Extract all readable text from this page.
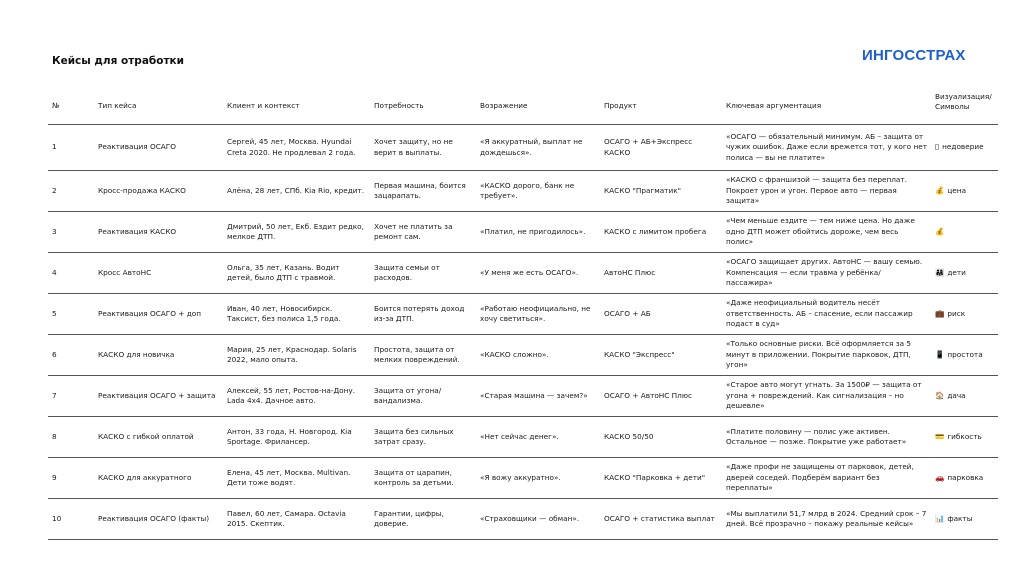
Кейсы для отработки	ИНГОССТРАХ
№	Тип кейса	Клиент и контекст	Потребность	Возражение	Продукт	Ключевая аргументация	Визуализация/Символы
1	Реактивация ОСАГО	Сергей, 45 лет, Москва. Hyundai Creta 2020. Не продлевал 2 года.	Хочет защиту, но не верит в выплаты.	«Я аккуратный, выплат не дождешься».	ОСАГО + АБ+Экспресс КАСКО	«ОСАГО — обязательный минимум. АБ – защита от чужих ошибок. Даже если врежется тот, у кого нет полиса — вы не платите»	▯ недоверие
2	Кросс-продажа КАСКО	Алёна, 28 лет, СПб. Kia Rio, кредит.	Первая машина, боится зацарапать.	«КАСКО дорого, банк не требует».	КАСКО "Прагматик"	«КАСКО с франшизой — защита без переплат. Покроет урон и угон. Первое авто — первая защита»	💰 цена
3	Реактивация КАСКО	Дмитрий, 50 лет, Екб. Ездит редко, мелкое ДТП.	Хочет не платить за ремонт сам.	«Платил, не пригодилось».	КАСКО с лимитом пробега	«Чем меньше ездите — тем ниже цена. Но даже одно ДТП может обойтись дороже, чем весь полис»	💰
4	Кросс АвтоНС	Ольга, 35 лет, Казань. Водит детей, было ДТП с травмой.	Защита семьи от расходов.	«У меня же есть ОСАГО».	АвтоНС Плюс	«ОСАГО защищает других. АвтоНС — вашу семью. Компенсация — если травма у ребёнка/пассажира»	👨‍👩‍👧 дети
5	Реактивация ОСАГО + доп	Иван, 40 лет, Новосибирск. Таксист, без полиса 1,5 года.	Боится потерять доход из-за ДТП.	«Работаю неофициально, не хочу светиться».	ОСАГО + АБ	«Даже неофициальный водитель несёт ответственность. АБ – спасение, если пассажир подаст в суд»	💼 риск
6	КАСКО для новичка	Мария, 25 лет, Краснодар. Solaris 2022, мало опыта.	Простота, защита от мелких повреждений.	«КАСКО сложно».	КАСКО "Экспресс"	«Только основные риски. Всё оформляется за 5 минут в приложении. Покрытие парковок, ДТП, угон»	📱 простота
7	Реактивация ОСАГО + защита	Алексей, 55 лет, Ростов-на-Дону. Lada 4x4. Дачное авто.	Защита от угона/вандализма.	«Старая машина — зачем?»	ОСАГО + АвтоНС Плюс	«Старое авто могут угнать. За 1500₽ — защита от угона + повреждений. Как сигнализация – но дешевле»	🏠 дача
8	КАСКО с гибкой оплатой	Антон, 33 года, Н. Новгород. Kia Sportage. Фрилансер.	Защита без сильных затрат сразу.	«Нет сейчас денег».	КАСКО 50/50	«Платите половину — полис уже активен. Остальное — позже. Покрытие уже работает»	💳 гибкость
9	КАСКО для аккуратного	Елена, 45 лет, Москва. Multivan. Дети тоже водят.	Защита от царапин, контроль за детьми.	«Я вожу аккуратно».	КАСКО "Парковка + дети"	«Даже профи не защищены от парковок, детей, дверей соседей. Подберём вариант без переплаты»	🚗 парковка
10	Реактивация ОСАГО (факты)	Павел, 60 лет, Самара. Octavia 2015. Скептик.	Гарантии, цифры, доверие.	«Страховщики — обман».	ОСАГО + статистика выплат	«Мы выплатили 51,7 млрд в 2024. Средний срок – 7 дней. Всё прозрачно – покажу реальные кейсы»	📊 факты
